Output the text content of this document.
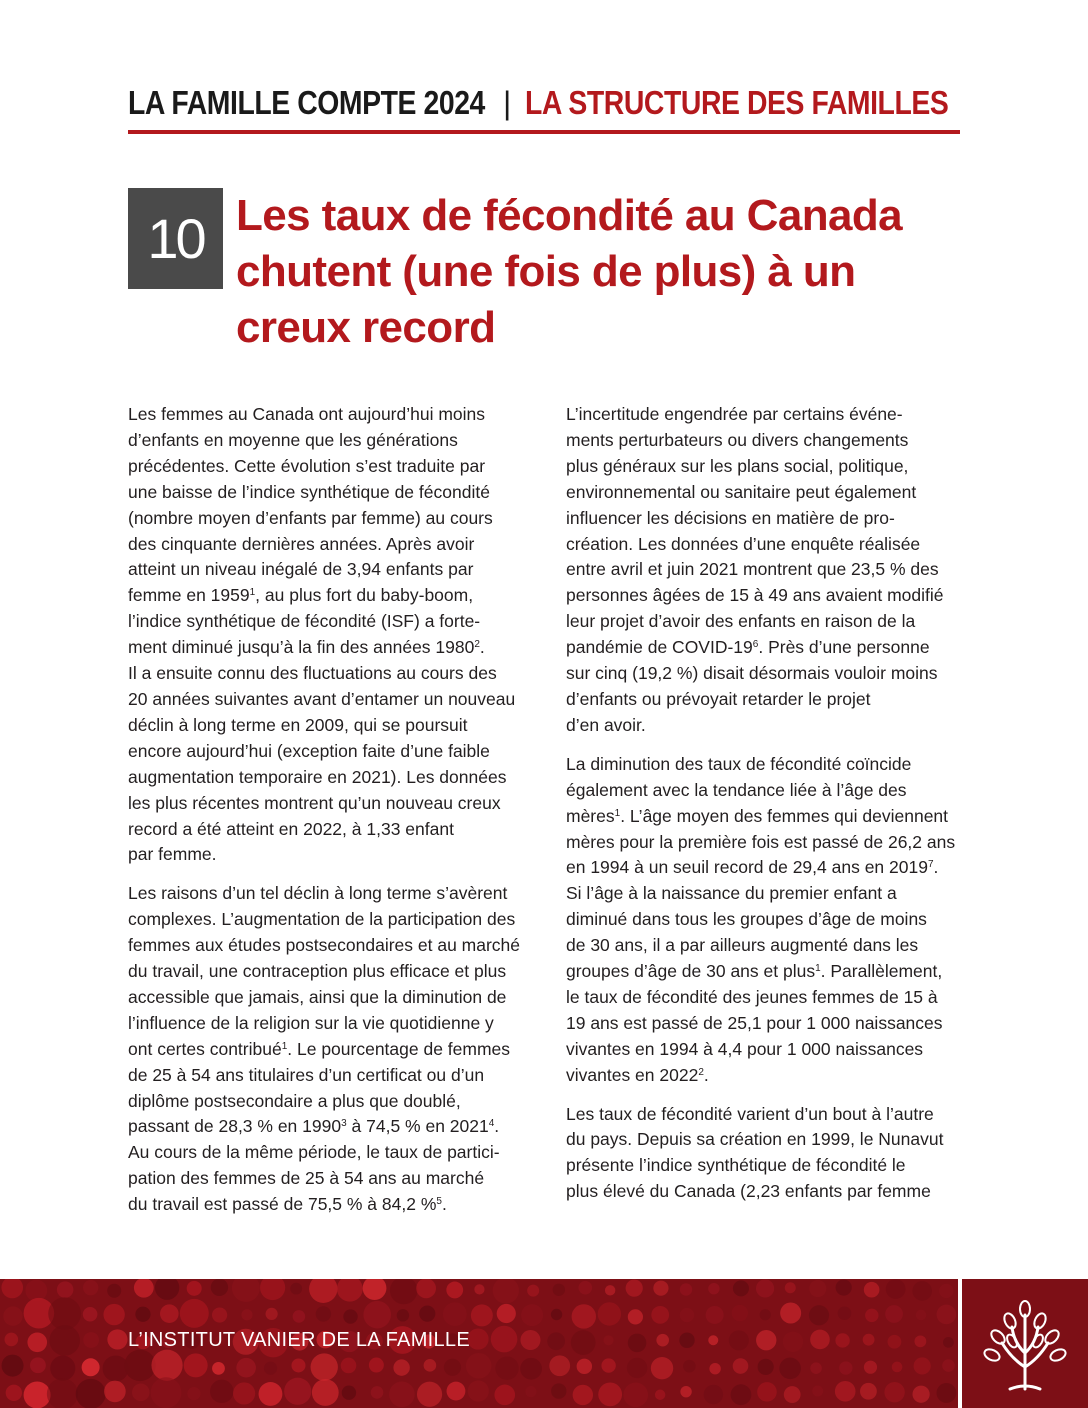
LA FAMILLE COMPTE 2024 | LA STRUCTURE DES FAMILLES
10 Les taux de fécondité au Canada
chutent (une fois de plus) à un
creux record

Les femmes au Canada ont aujourd’hui moins
d’enfants en moyenne que les générations
précédentes. Cette évolution s’est traduite par
une baisse de l’indice synthétique de fécondité
(nombre moyen d’enfants par femme) au cours
des cinquante dernières années. Après avoir
atteint un niveau inégalé de 3,94 enfants par
femme en 1959$^1$, au plus fort du baby-boom,
l’indice synthétique de fécondité (ISF) a forte-
ment diminué jusqu’à la fin des années 1980$^2$.
Il a ensuite connu des fluctuations au cours des
20 années suivantes avant d’entamer un nouveau
déclin à long terme en 2009, qui se poursuit
encore aujourd’hui (exception faite d’une faible
augmentation temporaire en 2021). Les données
les plus récentes montrent qu’un nouveau creux
record a été atteint en 2022, à 1,33 enfant
par femme.

Les raisons d’un tel déclin à long terme s’avèrent
complexes. L’augmentation de la participation des
femmes aux études postsecondaires et au marché
du travail, une contraception plus efficace et plus
accessible que jamais, ainsi que la diminution de
l’influence de la religion sur la vie quotidienne y
ont certes contribué$^1$. Le pourcentage de femmes
de 25 à 54 ans titulaires d’un certificat ou d’un
diplôme postsecondaire a plus que doublé,
passant de 28,3 % en 1990$^3$ à 74,5 % en 2021$^4$.
Au cours de la même période, le taux de partici-
pation des femmes de 25 à 54 ans au marché
du travail est passé de 75,5 % à 84,2 %$^5$.

L’incertitude engendrée par certains événe-
ments perturbateurs ou divers changements
plus généraux sur les plans social, politique,
environnemental ou sanitaire peut également
influencer les décisions en matière de pro-
création. Les données d’une enquête réalisée
entre avril et juin 2021 montrent que 23,5 % des
personnes âgées de 15 à 49 ans avaient modifié
leur projet d’avoir des enfants en raison de la
pandémie de COVID-$19^6$. Près d’une personne
sur cinq (19,2 %) disait désormais vouloir moins
d’enfants ou prévoyait retarder le projet
d’en avoir.

La diminution des taux de fécondité coïncide
également avec la tendance liée à l’âge des
mères$^1$. L’âge moyen des femmes qui deviennent
mères pour la première fois est passé de 26,2 ans
en 1994 à un seuil record de 29,4 ans en 2019$^7$.
Si l’âge à la naissance du premier enfant a
diminué dans tous les groupes d’âge de moins
de 30 ans, il a par ailleurs augmenté dans les
groupes d’âge de 30 ans et plus$^1$. Parallèlement,
le taux de fécondité des jeunes femmes de 15 à
19 ans est passé de 25,1 pour 1 000 naissances
vivantes en 1994 à 4,4 pour 1 000 naissances
vivantes en 2022$^2$.

Les taux de fécondité varient d’un bout à l’autre
du pays. Depuis sa création en 1999, le Nunavut
présente l’indice synthétique de fécondité le
plus élevé du Canada (2,23 enfants par femme

L’INSTITUT VANIER DE LA FAMILLE
